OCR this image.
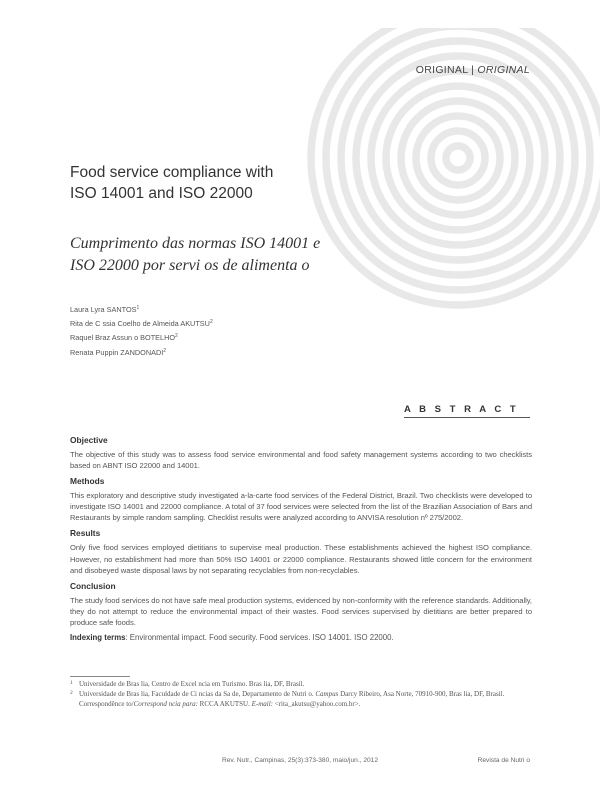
ORIGINAL | ORIGINAL
Food service compliance with
ISO 14001 and ISO 22000
Cumprimento das normas ISO 14001 e
ISO 22000 por servi os de alimenta o
Laura Lyra SANTOS$^1$
Rita de C ssia Coelho de Almeida AKUTSU$^2$
Raquel Braz Assun o BOTELHO$^2$
Renata Puppin ZANDONADI$^2$
A B S T R A C T
Objective
The objective of this study was to assess food service environmental and food safety management systems according to two checklists based on ABNT ISO 22000 and 14001.
Methods
This exploratory and descriptive study investigated a-la-carte food services of the Federal District, Brazil. Two checklists were developed to investigate ISO 14001 and 22000 compliance. A total of 37 food services were selected from the list of the Brazilian Association of Bars and Restaurants by simple random sampling. Checklist results were analyzed according to ANVISA resolution nº 275/2002.
Results
Only five food services employed dietitians to supervise meal production. These establishments achieved the highest ISO compliance. However, no establishment had more than 50% ISO 14001 or 22000 compliance. Restaurants showed little concern for the environment and disobeyed waste disposal laws by not separating recyclables from non-recyclables.
Conclusion
The study food services do not have safe meal production systems, evidenced by non-conformity with the reference standards. Additionally, they do not attempt to reduce the environmental impact of their wastes. Food services supervised by dietitians are better prepared to produce safe foods.
Indexing terms: Environmental impact. Food security. Food services. ISO 14001. ISO 22000.
1 Universidade de Bras lia, Centro de Excel ncia em Turismo. Bras lia, DF, Brasil.
2 Universidade de Bras lia, Faculdade de Ci ncias da Sa de, Departamento de Nutri o. Campus Darcy Ribeiro, Asa Norte, 70910-900, Bras lia, DF, Brasil. Correspondênce to/Correspond ncia para: RCCA AKUTSU. E-mail: <rita_akutsu@yahoo.com.br>.
Rev. Nutr., Campinas, 25(3):373-380, maio/jun., 2012	Revista de Nutri o
